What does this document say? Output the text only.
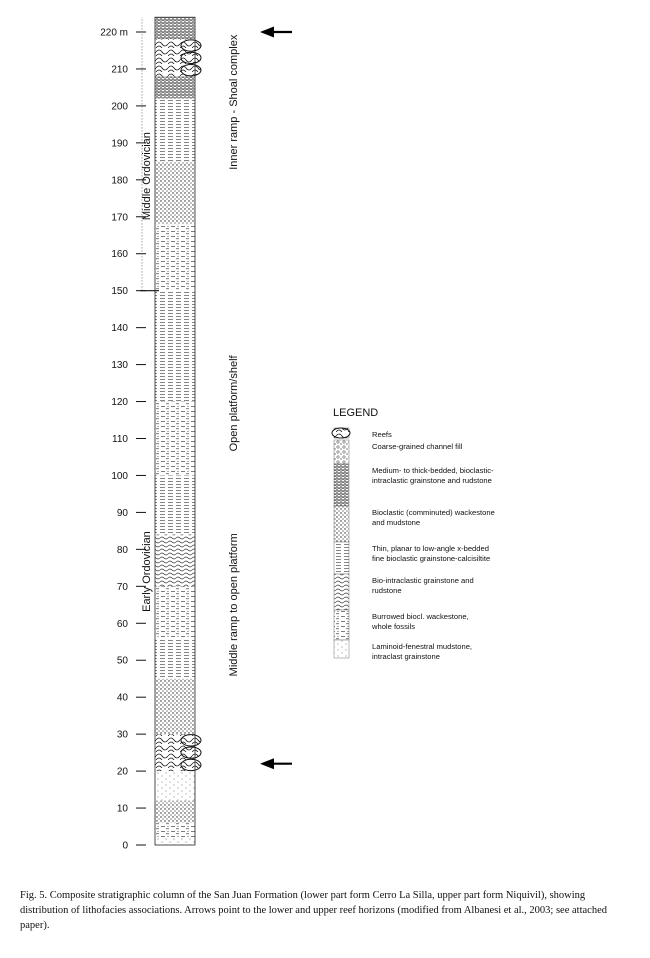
0
10
20
30
40
50
60
70
80
90
100
110
120
130
140
150
160
170
180
190
200
210
220 m
Early Ordovician
Middle Ordovician
Inner ramp - Shoal complex
Open platform/shelf
Middle ramp to open platform
LEGEND
Reefs
Coarse-grained channel fill
Medium- to thick-bedded, bioclastic-
intraclastic grainstone and rudstone
Bioclastic (comminuted) wackestone
and mudstone
Thin, planar to low-angle x-bedded
fine bioclastic grainstone-calcisiltite
Bio-intraclastic grainstone and
rudstone
Burrowed biocl. wackestone,
whole fossils
Laminoid-fenestral mudstone,
intraclast grainstone

Fig. 5. Composite stratigraphic column of the San Juan Formation (lower part form Cerro La Silla, upper part form Niquivil), showing distribution of lithofacies associations. Arrows point to the lower and upper reef horizons (modified from Albanesi et al., 2003; see attached paper).
